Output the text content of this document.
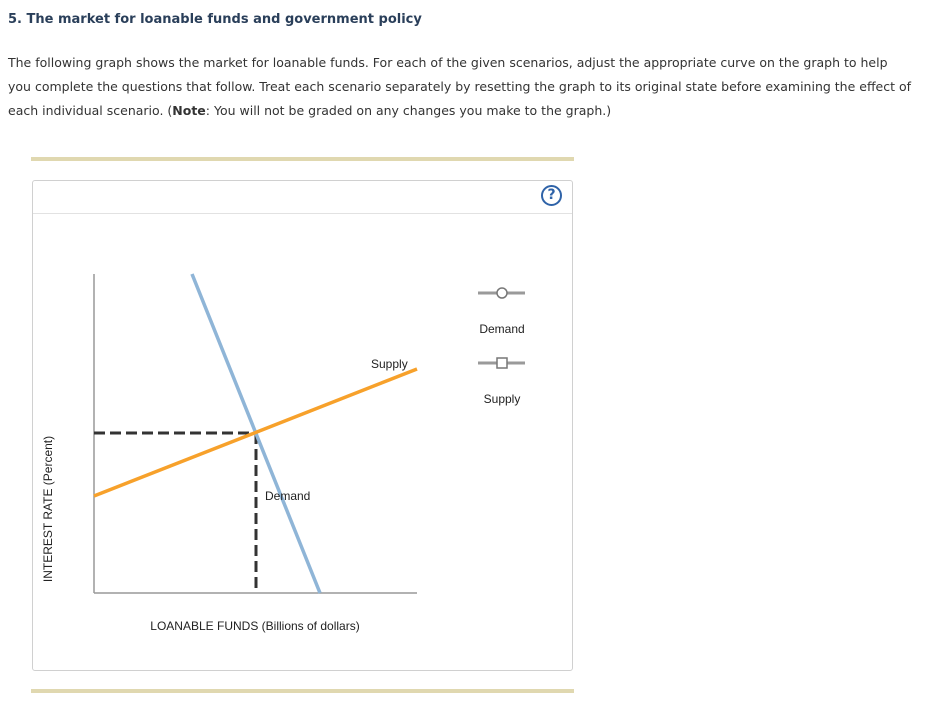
5. The market for loanable funds and government policy

The following graph shows the market for loanable funds. For each of the given scenarios, adjust the appropriate curve on the graph to help you complete the questions that follow. Treat each scenario separately by resetting the graph to its original state before examining the effect of each individual scenario. (Note: You will not be graded on any changes you make to the graph.)

?
INTEREST RATE (Percent)
Supply
Demand
LOANABLE FUNDS (Billions of dollars)
Demand
Supply
